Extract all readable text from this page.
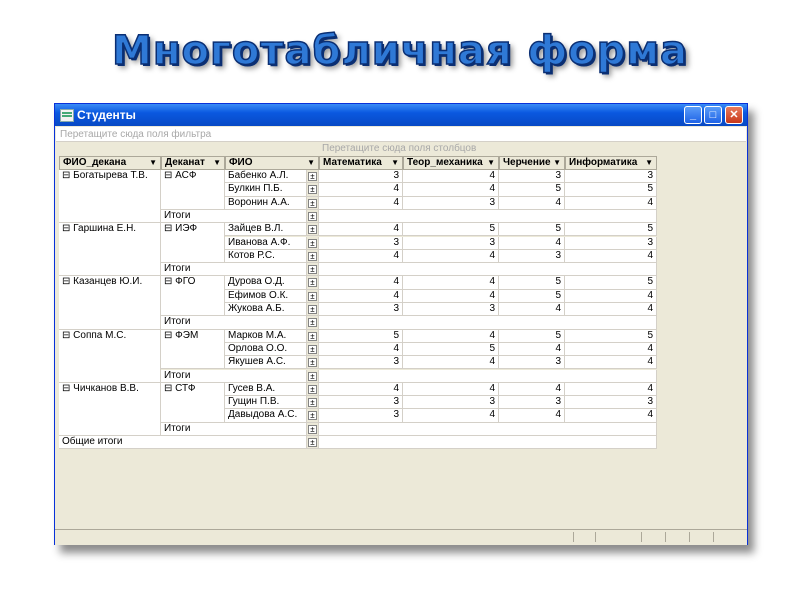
Многотабличная форма
Студенты	_	□	✕
Перетащите сюда поля фильтра
Перетащите сюда поля столбцов
ФИО_декана	▼ Деканат ▼ ФИО	▼ Математика ▼ Теор_механика ▼ Черчение ▼ Информатика ▼
⊟ Богатырева Т.В.	⊟ АСФ	Бабенко А.Л.	±	3	4	3	3
Булкин П.Б.	±	4	4	5	5
Воронин А.А.	±	4	3	4	4
Итоги	±
⊟ Гаршина Е.Н.	⊟ ИЭФ	Зайцев В.Л.	±	4	5	5	5
Иванова А.Ф.	±	3	3	4	3
Котов Р.С.	±	4	4	3	4
Итоги	±
⊟ Казанцев Ю.И.	⊟ ФГО	Дурова О.Д.	±	4	4	5	5
Ефимов О.К.	±	4	4	5	4
Жукова А.Б.	±	3	3	4	4
Итоги	±
⊟ Соппа М.С.	⊟ ФЭМ	Марков М.А.	±	5	4	5	5
Орлова О.О.	±	4	5	4	4
Якушев А.С.	±	3	4	3	4
Итоги	±
⊟ Чичканов В.В.	⊟ СТФ	Гусев В.А.	±	4	4	4	4
Гущин П.В.	±	3	3	3	3
Давыдова А.С.	±	3	4	4	4
Итоги	±
Общие итоги	±
